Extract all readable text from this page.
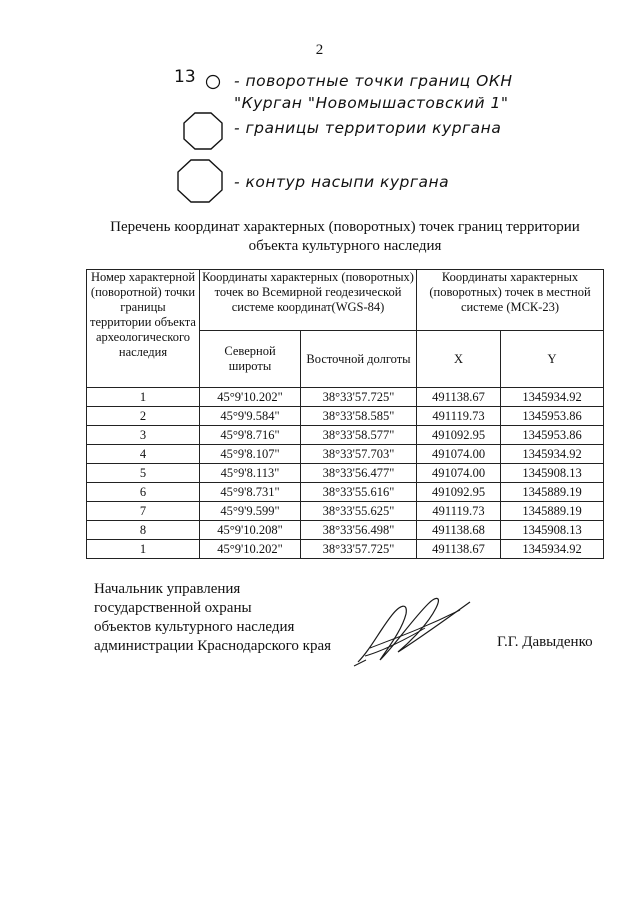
2
13 - поворотные точки границ ОКН
"Курган "Новомышастовский 1"
- границы территории кургана
- контур насыпи кургана
Перечень координат характерных (поворотных) точек границ территории
объекта культурного наследия
Номер характерной (поворотной) точки границы территории объекта археологического наследия	Координаты характерных (поворотных) точек во Всемирной геодезической системе координат(WGS-84)		Координаты характерных (поворотных) точек в местной системе (МСК-23)	
	Северной широты	Восточной долготы	X	Y
1	45°9'10.202"	38°33'57.725"	491138.67	1345934.92
2	45°9'9.584"	38°33'58.585"	491119.73	1345953.86
3	45°9'8.716"	38°33'58.577"	491092.95	1345953.86
4	45°9'8.107"	38°33'57.703"	491074.00	1345934.92
5	45°9'8.113"	38°33'56.477"	491074.00	1345908.13
6	45°9'8.731"	38°33'55.616"	491092.95	1345889.19
7	45°9'9.599"	38°33'55.625"	491119.73	1345889.19
8	45°9'10.208"	38°33'56.498"	491138.68	1345908.13
1	45°9'10.202"	38°33'57.725"	491138.67	1345934.92
Начальник управления
государственной охраны
объектов культурного наследия
администрации Краснодарского края	Г.Г. Давыденко
